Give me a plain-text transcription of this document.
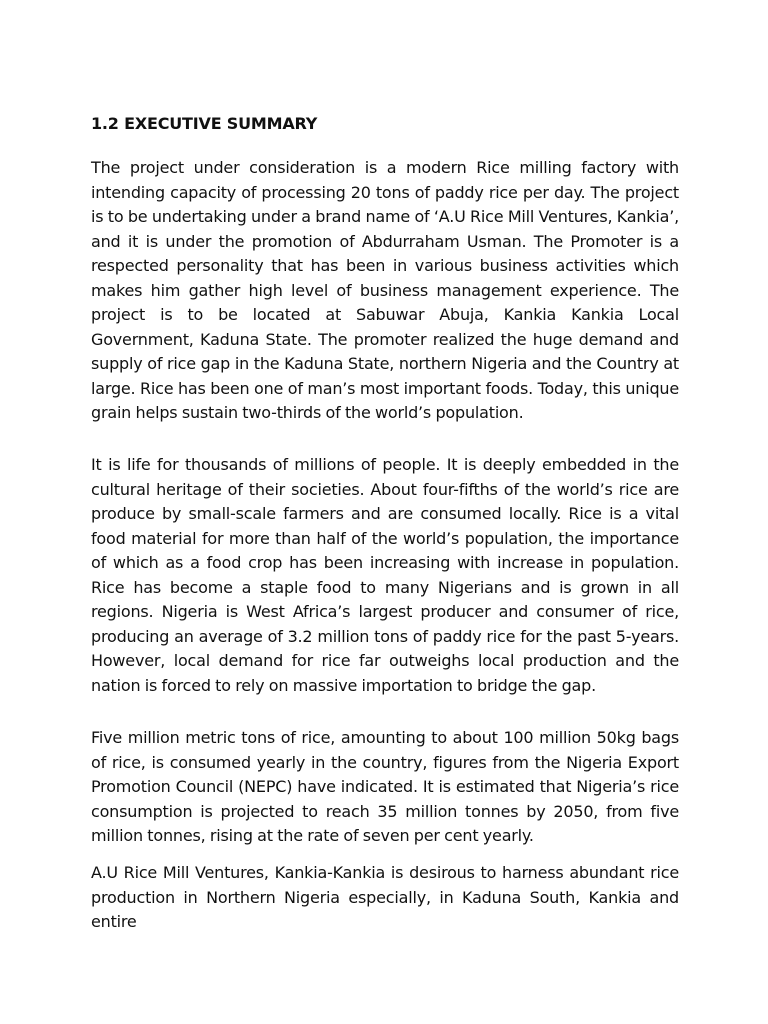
1.2 EXECUTIVE SUMMARY

The project under consideration is a modern Rice milling factory with intending capacity of processing 20 tons of paddy rice per day. The project is to be undertaking under a brand name of ‘A.U Rice Mill Ventures, Kankia’, and it is under the promotion of Abdurraham Usman. The Promoter is a respected personality that has been in various business activities which makes him gather high level of business management experience. The project is to be located at Sabuwar Abuja, Kankia Kankia Local Government, Kaduna State. The promoter realized the huge demand and supply of rice gap in the Kaduna State, northern Nigeria and the Country at large. Rice has been one of man’s most important foods. Today, this unique grain helps sustain two-thirds of the world’s population.

It is life for thousands of millions of people. It is deeply embedded in the cultural heritage of their societies. About four-fifths of the world’s rice are produce by small-scale farmers and are consumed locally. Rice is a vital food material for more than half of the world’s population, the importance of which as a food crop has been increasing with increase in population. Rice has become a staple food to many Nigerians and is grown in all regions. Nigeria is West Africa’s largest producer and consumer of rice, producing an average of 3.2 million tons of paddy rice for the past 5-years. However, local demand for rice far outweighs local production and the nation is forced to rely on massive importation to bridge the gap.

Five million metric tons of rice, amounting to about 100 million 50kg bags of rice, is consumed yearly in the country, figures from the Nigeria Export Promotion Council (NEPC) have indicated. It is estimated that Nigeria’s rice consumption is projected to reach 35 million tonnes by 2050, from five million tonnes, rising at the rate of seven per cent yearly.

A.U Rice Mill Ventures, Kankia-Kankia is desirous to harness abundant rice production in Northern Nigeria especially, in Kaduna South, Kankia and entire
